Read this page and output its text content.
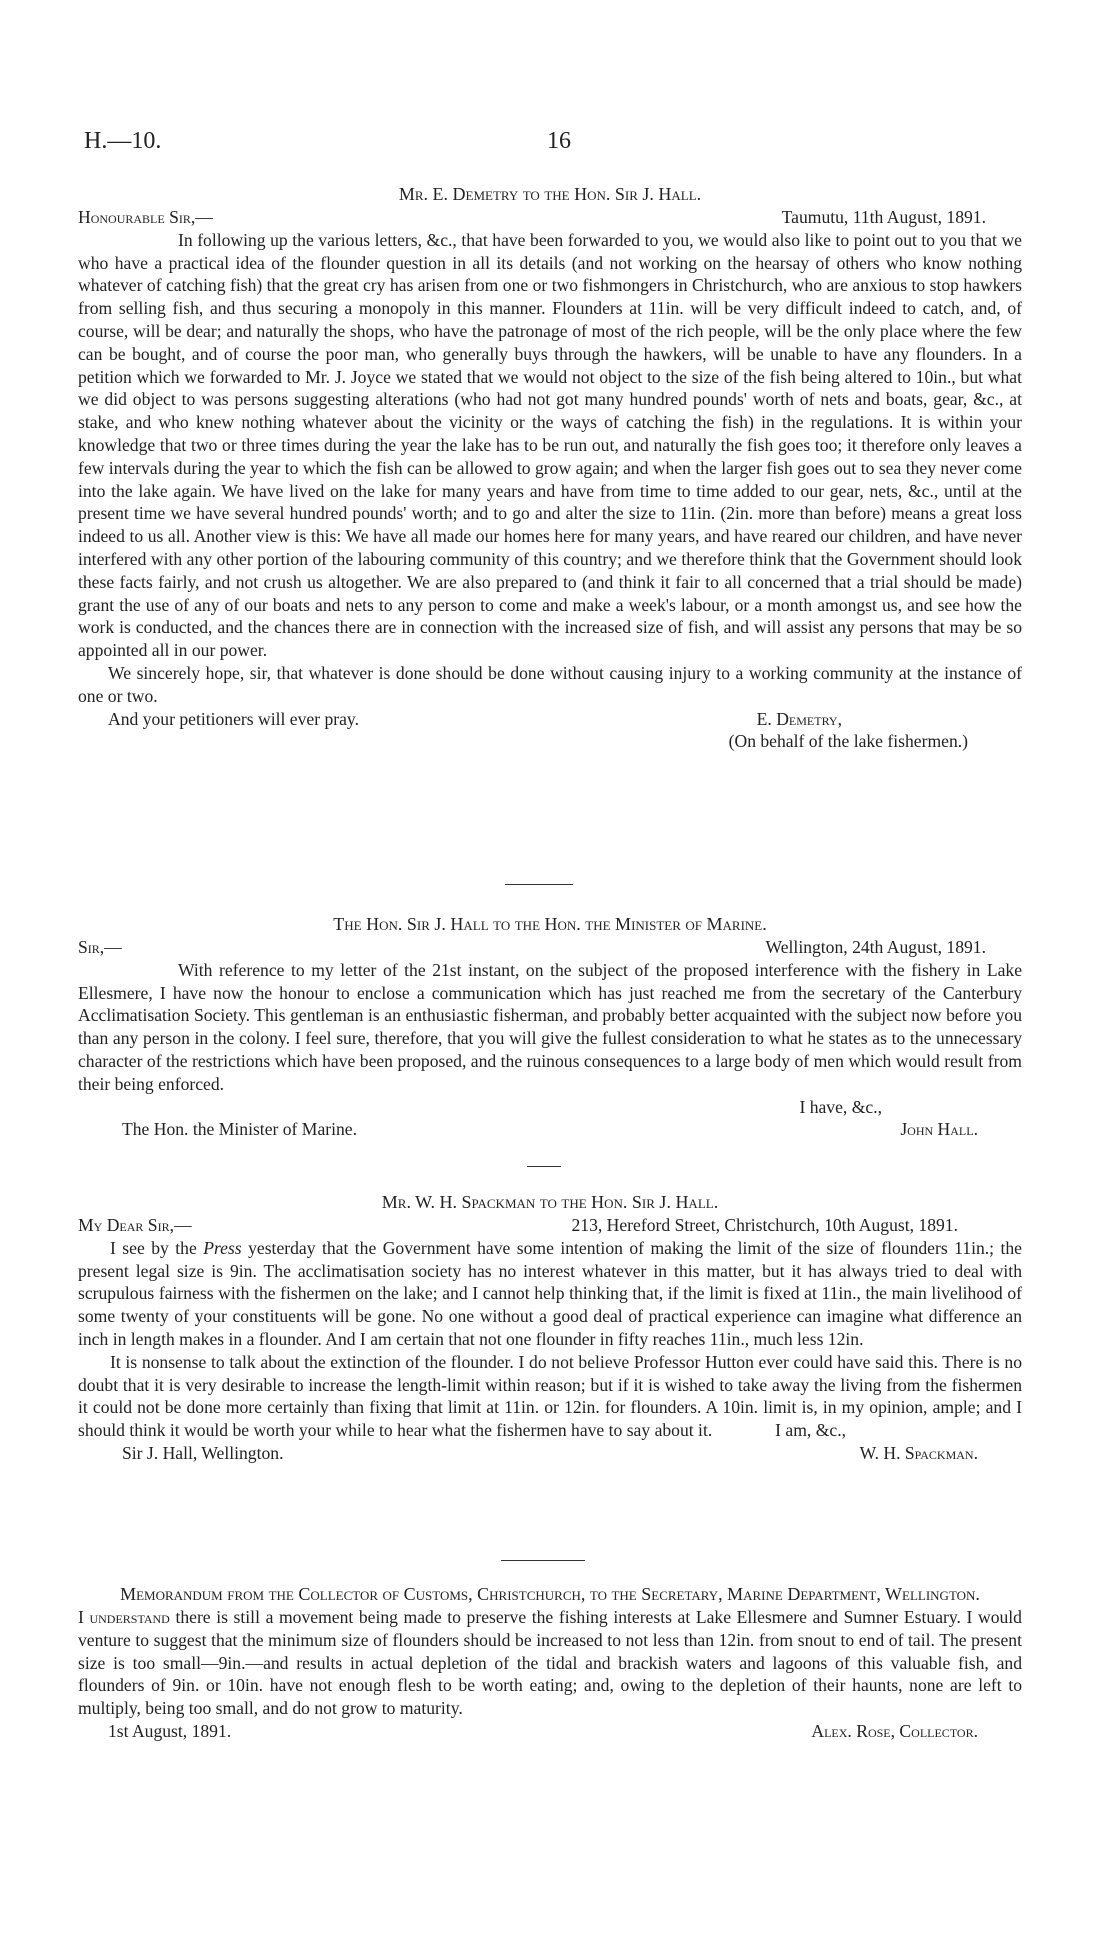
H.—10.	16
Mr. E. Demetry to the Hon. Sir J. Hall.
Honourable Sir,—	Taumutu, 11th August, 1891.

In following up the various letters, &c., that have been forwarded to you, we would also like to point out to you that we who have a practical idea of the flounder question in all its details (and not working on the hearsay of others who know nothing whatever of catching fish) that the great cry has arisen from one or two fishmongers in Christchurch, who are anxious to stop hawkers from selling fish, and thus securing a monopoly in this manner. Flounders at 11in. will be very difficult indeed to catch, and, of course, will be dear; and naturally the shops, who have the patronage of most of the rich people, will be the only place where the few can be bought, and of course the poor man, who generally buys through the hawkers, will be unable to have any flounders. In a petition which we forwarded to Mr. J. Joyce we stated that we would not object to the size of the fish being altered to 10in., but what we did object to was persons suggesting alterations (who had not got many hundred pounds' worth of nets and boats, gear, &c., at stake, and who knew nothing whatever about the vicinity or the ways of catching the fish) in the regulations. It is within your knowledge that two or three times during the year the lake has to be run out, and naturally the fish goes too; it therefore only leaves a few intervals during the year to which the fish can be allowed to grow again; and when the larger fish goes out to sea they never come into the lake again. We have lived on the lake for many years and have from time to time added to our gear, nets, &c., until at the present time we have several hundred pounds' worth; and to go and alter the size to 11in. (2in. more than before) means a great loss indeed to us all. Another view is this: We have all made our homes here for many years, and have reared our children, and have never interfered with any other portion of the labouring community of this country; and we therefore think that the Government should look these facts fairly, and not crush us altogether. We are also prepared to (and think it fair to all concerned that a trial should be made) grant the use of any of our boats and nets to any person to come and make a week's labour, or a month amongst us, and see how the work is conducted, and the chances there are in connection with the increased size of fish, and will assist any persons that may be so appointed all in our power.

We sincerely hope, sir, that whatever is done should be done without causing injury to a working community at the instance of one or two.

And your petitioners will ever pray.	E. Demetry,
(On behalf of the lake fishermen.)
The Hon. Sir J. Hall to the Hon. the Minister of Marine.
Sir,—	Wellington, 24th August, 1891.

With reference to my letter of the 21st instant, on the subject of the proposed interference with the fishery in Lake Ellesmere, I have now the honour to enclose a communication which has just reached me from the secretary of the Canterbury Acclimatisation Society. This gentleman is an enthusiastic fisherman, and probably better acquainted with the subject now before you than any person in the colony. I feel sure, therefore, that you will give the fullest consideration to what he states as to the unnecessary character of the restrictions which have been proposed, and the ruinous consequences to a large body of men which would result from their being enforced.

I have, &c.,
The Hon. the Minister of Marine.	John Hall.
Mr. W. H. Spackman to the Hon. Sir J. Hall.
My Dear Sir,—	213, Hereford Street, Christchurch, 10th August, 1891.

I see by the Press yesterday that the Government have some intention of making the limit of the size of flounders 11in.; the present legal size is 9in. The acclimatisation society has no interest whatever in this matter, but it has always tried to deal with scrupulous fairness with the fishermen on the lake; and I cannot help thinking that, if the limit is fixed at 11in., the main livelihood of some twenty of your constituents will be gone. No one without a good deal of practical experience can imagine what difference an inch in length makes in a flounder. And I am certain that not one flounder in fifty reaches 11in., much less 12in.

It is nonsense to talk about the extinction of the flounder. I do not believe Professor Hutton ever could have said this. There is no doubt that it is very desirable to increase the length-limit within reason; but if it is wished to take away the living from the fishermen it could not be done more certainly than fixing that limit at 11in. or 12in. for flounders. A 10in. limit is, in my opinion, ample; and I should think it would be worth your while to hear what the fishermen have to say about it.	I am, &c.,
Sir J. Hall, Wellington.	W. H. Spackman.
Memorandum from the Collector of Customs, Christchurch, to the Secretary, Marine Department, Wellington.

I understand there is still a movement being made to preserve the fishing interests at Lake Ellesmere and Sumner Estuary. I would venture to suggest that the minimum size of flounders should be increased to not less than 12in. from snout to end of tail. The present size is too small—9in.—and results in actual depletion of the tidal and brackish waters and lagoons of this valuable fish, and flounders of 9in. or 10in. have not enough flesh to be worth eating; and, owing to the depletion of their haunts, none are left to multiply, being too small, and do not grow to maturity.

1st August, 1891.	Alex. Rose, Collector.
